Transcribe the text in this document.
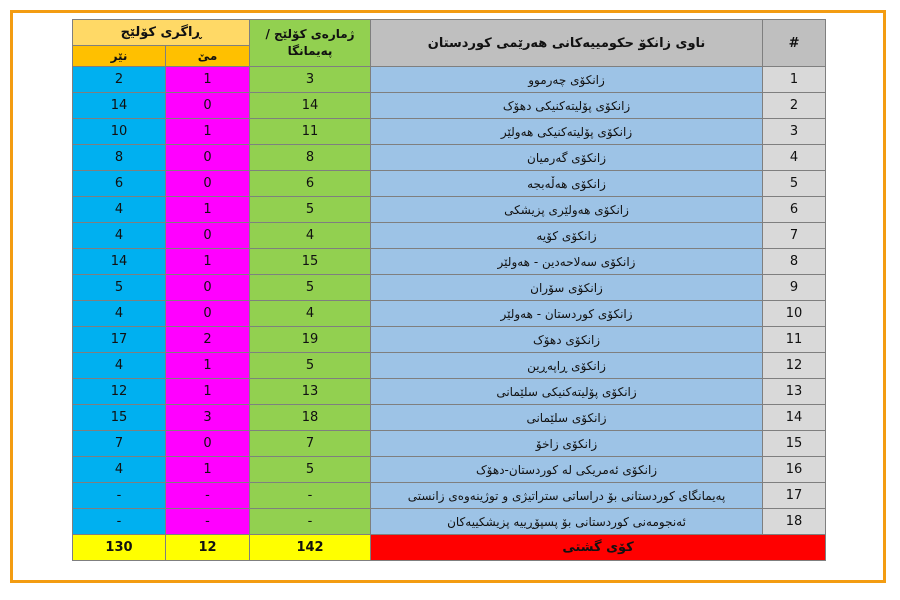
ڕاگری کۆلێج		ژمارەی کۆلێج / پەیمانگا	ناوی زانکۆ حکومییەکانی هەرێمی کوردستان	#
نێر	مێ			
2	1	3	زانکۆی چەرموو	1
14	0	14	زانکۆی پۆلیتەکنیکی دهۆک	2
10	1	11	زانکۆی پۆلیتەکنیکی هەولێر	3
8	0	8	زانکۆی گەرمیان	4
6	0	6	زانکۆی هەڵەبجە	5
4	1	5	زانکۆی هەولێری پزیشکی	6
4	0	4	زانکۆی کۆیە	7
14	1	15	زانکۆی سەلاحەدین - هەولێر	8
5	0	5	زانکۆی سۆران	9
4	0	4	زانکۆی کوردستان - هەولێر	10
17	2	19	زانکۆی دهۆک	11
4	1	5	زانکۆی ڕاپەڕین	12
12	1	13	زانکۆی پۆلیتەکنیکی سلێمانی	13
15	3	18	زانکۆی سلێمانی	14
7	0	7	زانکۆی زاخۆ	15
4	1	5	زانکۆی ئەمریکی لە کوردستان-دهۆک	16
-	-	-	پەیمانگای کوردستانی بۆ دراساتی ستراتیژی و توژینەوەی زانستی	17
-	-	-	ئەنجومەنی کوردستانی بۆ پسپۆڕییە پزیشکییەکان	18
130	12	142	کۆی گشتی	
